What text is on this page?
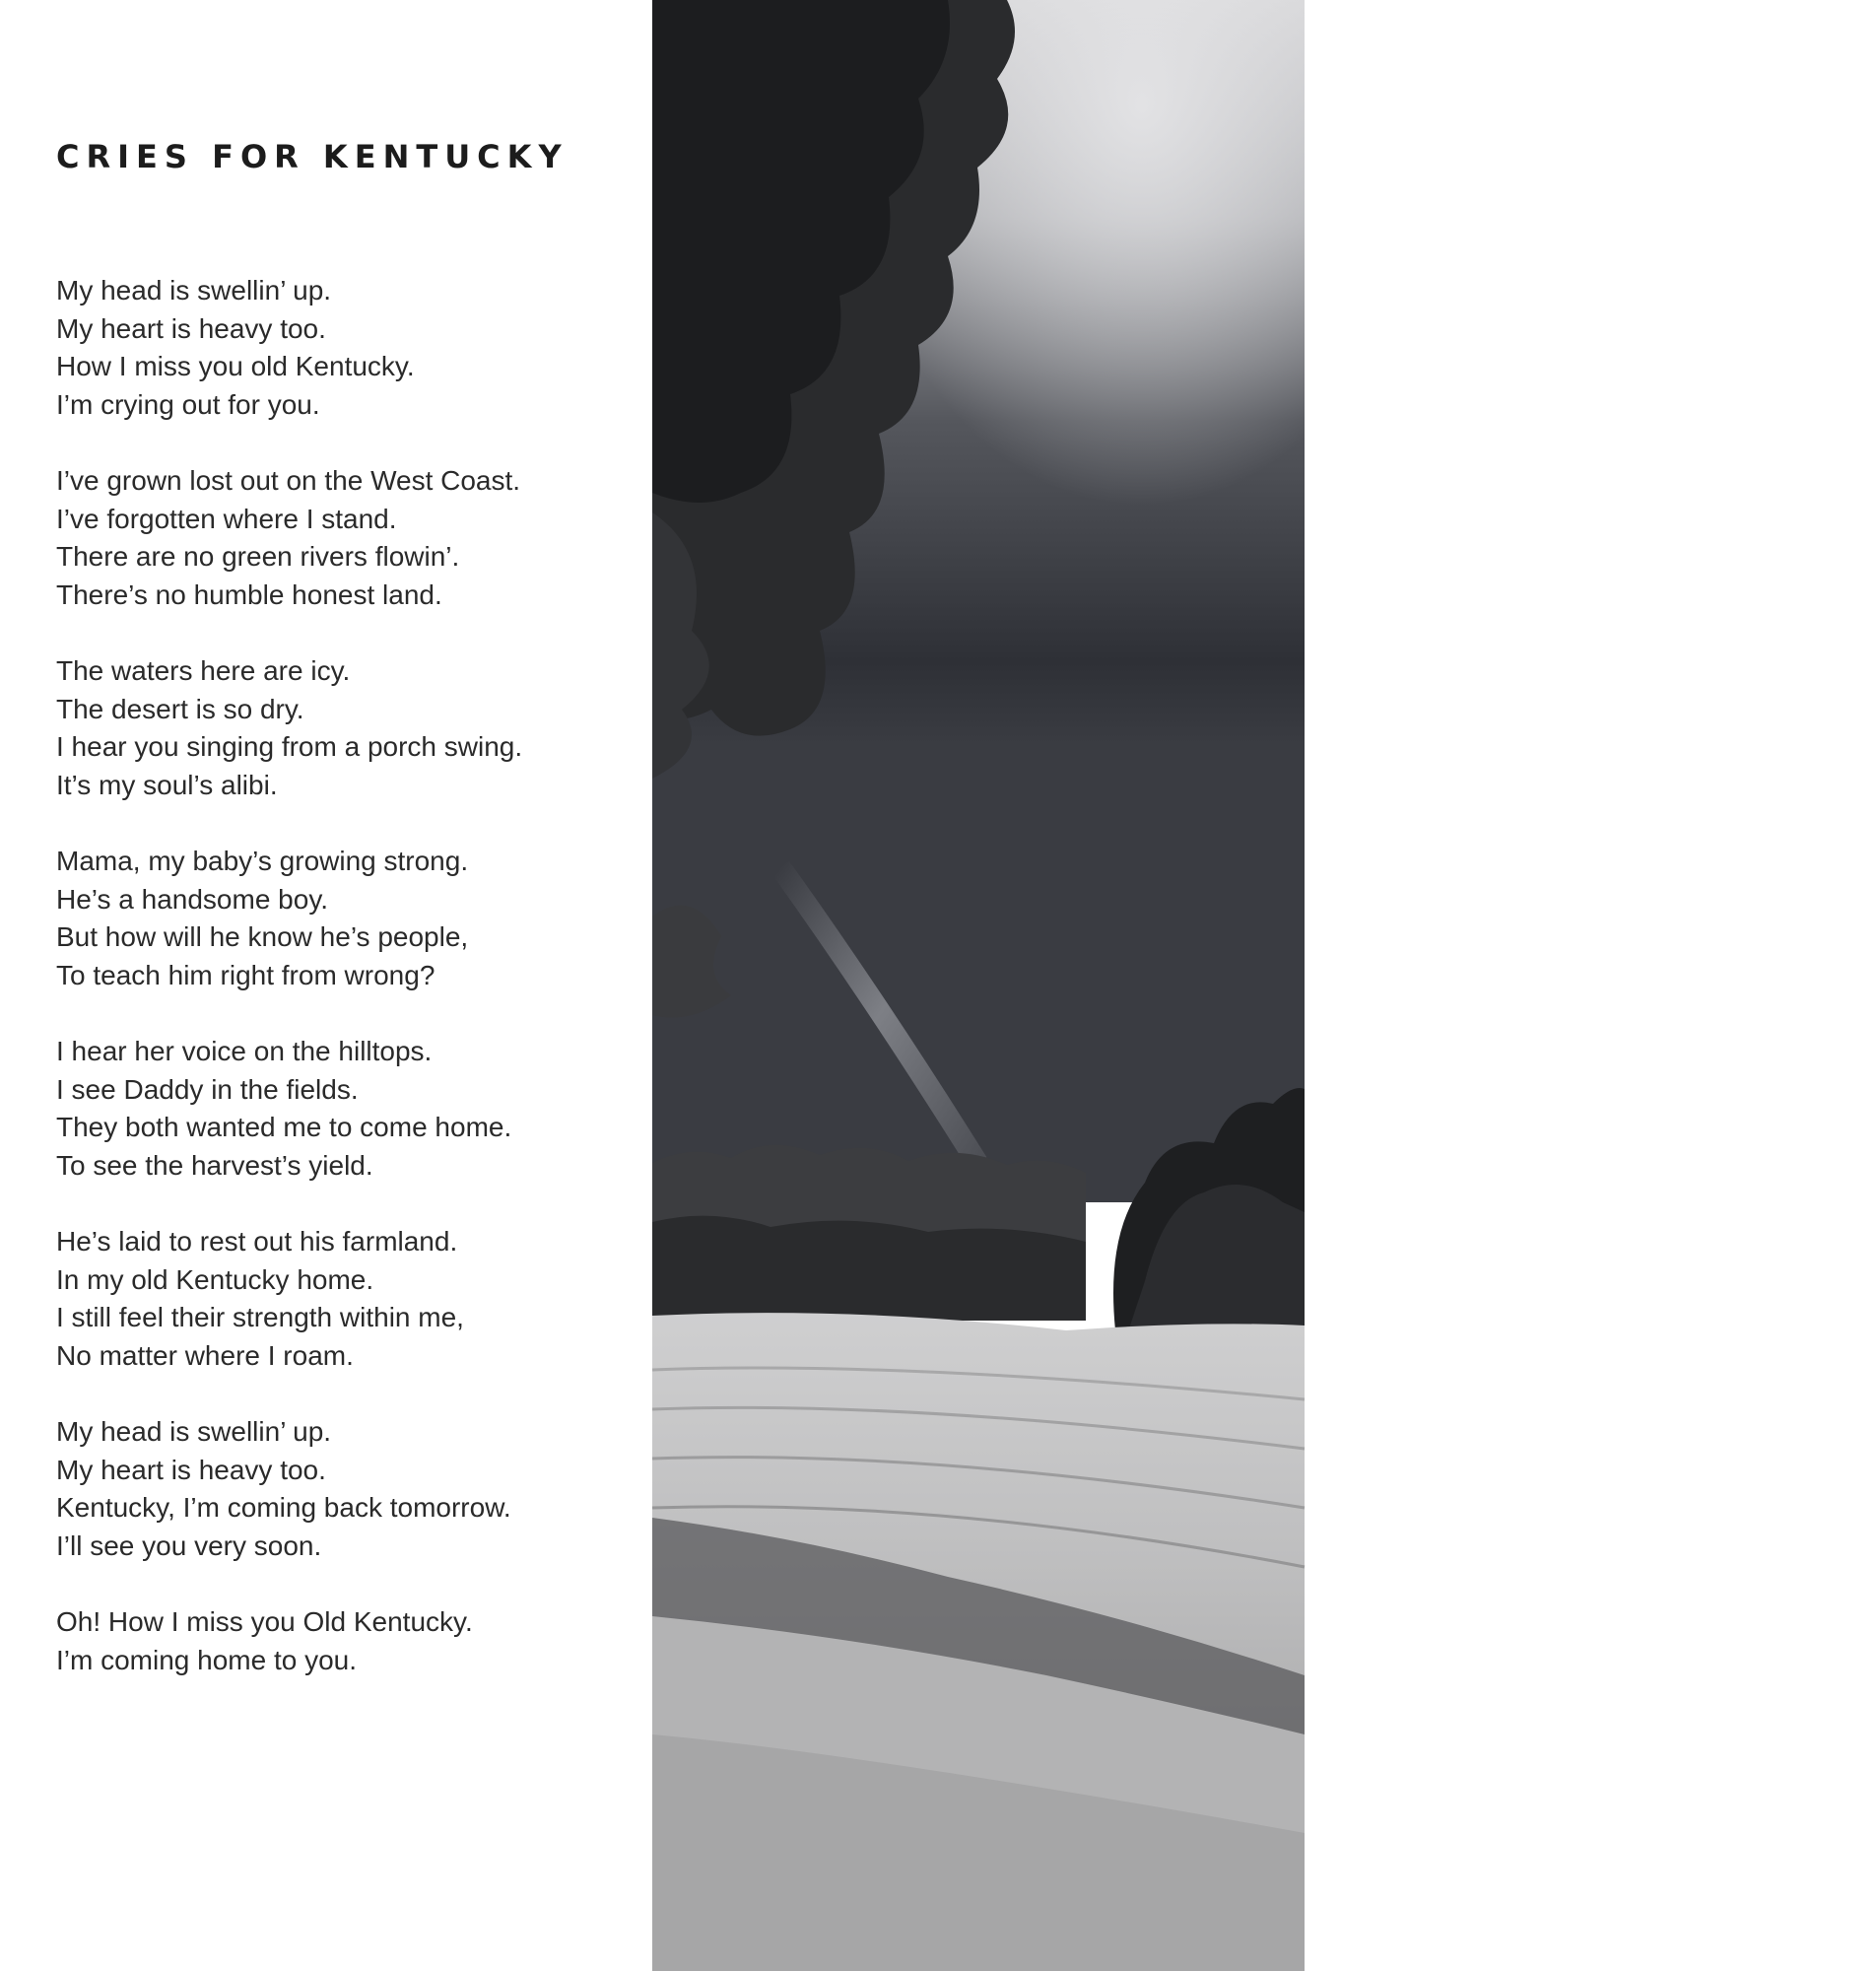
CRIES FOR KENTUCKY

My head is swellin’ up.
My heart is heavy too.
How I miss you old Kentucky.
I’m crying out for you.

I’ve grown lost out on the West Coast.
I’ve forgotten where I stand.
There are no green rivers flowin’.
There’s no humble honest land.

The waters here are icy.
The desert is so dry.
I hear you singing from a porch swing.
It’s my soul’s alibi.

Mama, my baby’s growing strong.
He’s a handsome boy.
But how will he know he’s people,
To teach him right from wrong?

I hear her voice on the hilltops.
I see Daddy in the fields.
They both wanted me to come home.
To see the harvest’s yield.

He’s laid to rest out his farmland.
In my old Kentucky home.
I still feel their strength within me,
No matter where I roam.

My head is swellin’ up.
My heart is heavy too.
Kentucky, I’m coming back tomorrow.
I’ll see you very soon.

Oh! How I miss you Old Kentucky.
I’m coming home to you.

8
